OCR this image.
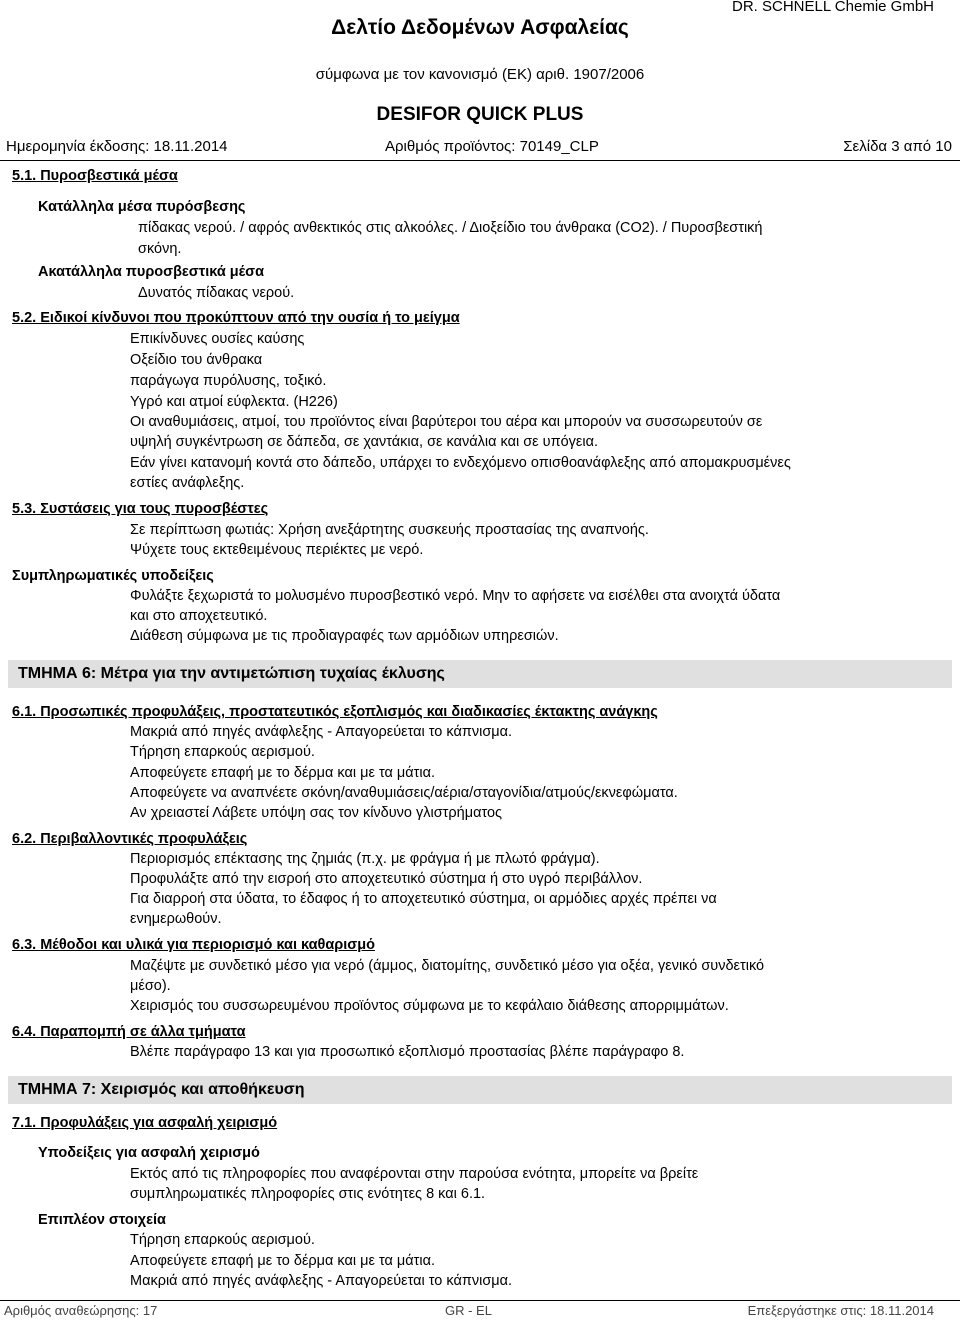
DR. SCHNELL Chemie GmbH
Δελτίο Δεδομένων Ασφαλείας
σύμφωνα με τον κανονισμό (ΕΚ) αριθ. 1907/2006
DESIFOR QUICK PLUS
Ημερομηνία έκδοσης: 18.11.2014	Αριθμός προϊόντος: 70149_CLP	Σελίδα 3 από 10
5.1. Πυροσβεστικά μέσα
Κατάλληλα μέσα πυρόσβεσης
πίδακας νερού. / αφρός ανθεκτικός στις αλκοόλες. / Διοξείδιο του άνθρακα (CO2). / Πυροσβεστική
σκόνη.
Ακατάλληλα πυροσβεστικά μέσα
Δυνατός πίδακας νερού.
5.2. Ειδικοί κίνδυνοι που προκύπτουν από την ουσία ή το μείγμα
Επικίνδυνες ουσίες καύσης
Οξείδιο του άνθρακα
παράγωγα πυρόλυσης, τοξικό.
Υγρό και ατμοί εύφλεκτα. (H226)
Οι αναθυμιάσεις, ατμοί, του προϊόντος είναι βαρύτεροι του αέρα και μπορούν να συσσωρευτούν σε
υψηλή συγκέντρωση σε δάπεδα, σε χαντάκια, σε κανάλια και σε υπόγεια.
Εάν γίνει κατανομή κοντά στο δάπεδο, υπάρχει το ενδεχόμενο οπισθοανάφλεξης από απομακρυσμένες
εστίες ανάφλεξης.
5.3. Συστάσεις για τους πυροσβέστες
Σε περίπτωση φωτιάς: Χρήση ανεξάρτητης συσκευής προστασίας της αναπνοής.
Ψύχετε τους εκτεθειμένους περιέκτες με νερό.
Συμπληρωματικές υποδείξεις
Φυλάξτε ξεχωριστά το μολυσμένο πυροσβεστικό νερό. Μην το αφήσετε να εισέλθει στα ανοιχτά ύδατα
και στο αποχετευτικό.
Διάθεση σύμφωνα με τις προδιαγραφές των αρμόδιων υπηρεσιών.
ΤΜΗΜΑ 6: Μέτρα για την αντιμετώπιση τυχαίας έκλυσης
6.1. Προσωπικές προφυλάξεις, προστατευτικός εξοπλισμός και διαδικασίες έκτακτης ανάγκης
Μακριά από πηγές ανάφλεξης - Απαγορεύεται το κάπνισμα.
Τήρηση επαρκούς αερισμού.
Αποφεύγετε επαφή με το δέρμα και με τα μάτια.
Αποφεύγετε να αναπνέετε σκόνη/αναθυμιάσεις/αέρια/σταγονίδια/ατμούς/εκνεφώματα.
Αν χρειαστεί Λάβετε υπόψη σας τον κίνδυνο γλιστρήματος
6.2. Περιβαλλοντικές προφυλάξεις
Περιορισμός επέκτασης της ζημιάς (π.χ. με φράγμα ή με πλωτό φράγμα).
Προφυλάξτε από την εισροή στο αποχετευτικό σύστημα ή στο υγρό περιβάλλον.
Για διαρροή στα ύδατα, το έδαφος ή το αποχετευτικό σύστημα, οι αρμόδιες αρχές πρέπει να
ενημερωθούν.
6.3. Μέθοδοι και υλικά για περιορισμό και καθαρισμό
Μαζέψτε με συνδετικό μέσο για νερό (άμμος, διατομίτης, συνδετικό μέσο για οξέα, γενικό συνδετικό
μέσο).
Χειρισμός του συσσωρευμένου προϊόντος σύμφωνα με το κεφάλαιο διάθεσης απορριμμάτων.
6.4. Παραπομπή σε άλλα τμήματα
Βλέπε παράγραφο 13 και για προσωπικό εξοπλισμό προστασίας βλέπε παράγραφο 8.
ΤΜΗΜΑ 7: Χειρισμός και αποθήκευση
7.1. Προφυλάξεις για ασφαλή χειρισμό
Υποδείξεις για ασφαλή χειρισμό
Εκτός από τις πληροφορίες που αναφέρονται στην παρούσα ενότητα, μπορείτε να βρείτε
συμπληρωματικές πληροφορίες στις ενότητες 8 και 6.1.
Επιπλέον στοιχεία
Τήρηση επαρκούς αερισμού.
Αποφεύγετε επαφή με το δέρμα και με τα μάτια.
Μακριά από πηγές ανάφλεξης - Απαγορεύεται το κάπνισμα.
Αριθμός αναθεώρησης: 17	GR - EL	Επεξεργάστηκε στις: 18.11.2014
